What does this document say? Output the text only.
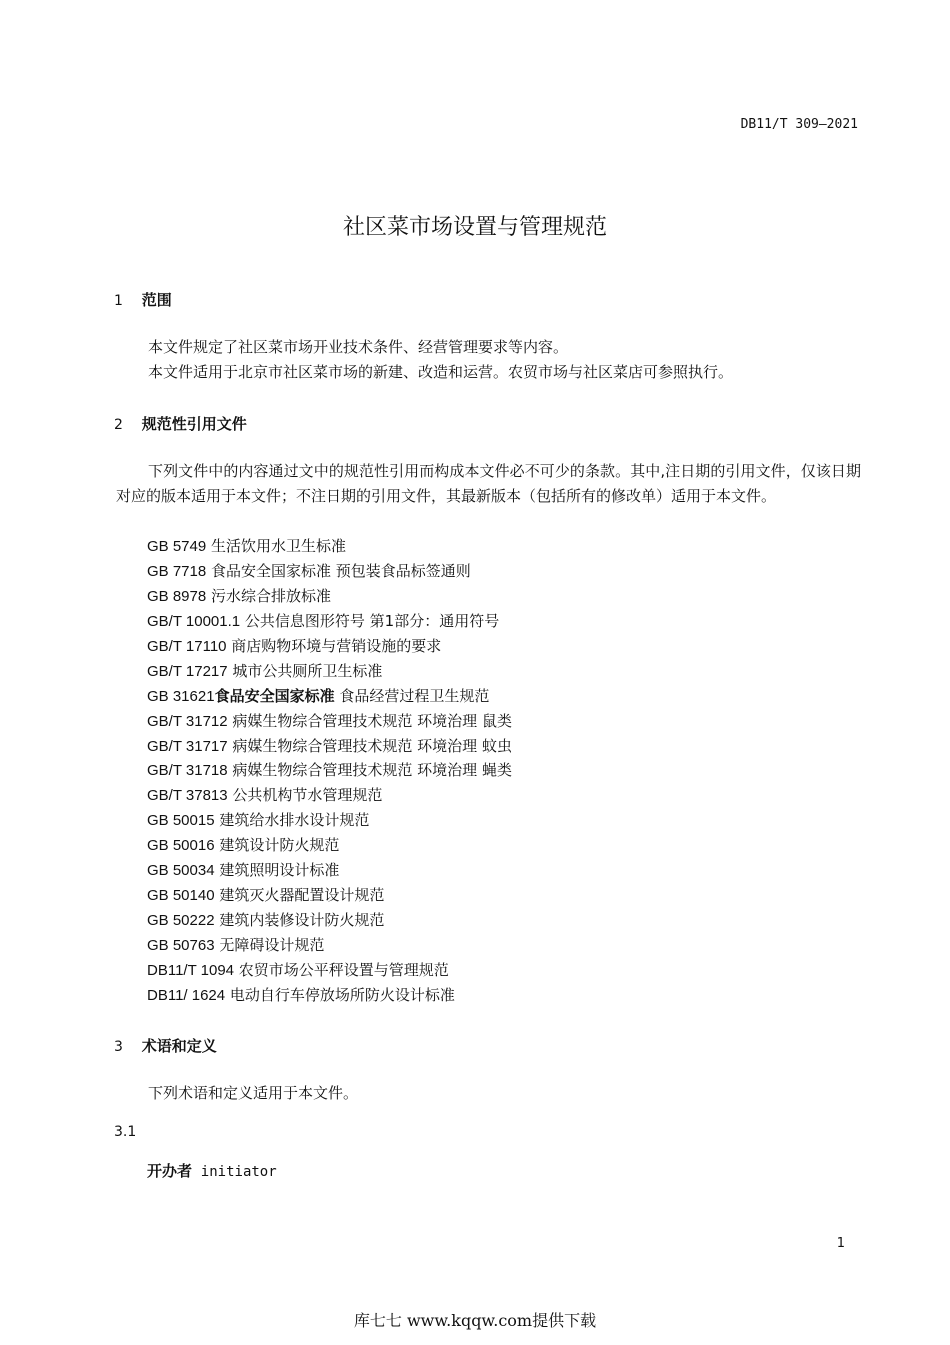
DB11/T 309—2021
社区菜市场设置与管理规范
1 范围
本文件规定了社区菜市场开业技术条件、经营管理要求等内容。
本文件适用于北京市社区菜市场的新建、改造和运营。农贸市场与社区菜店可参照执行。
2 规范性引用文件
下列文件中的内容通过文中的规范性引用而构成本文件必不可少的条款。其中,注日期的引用文件，仅该日期对应的版本适用于本文件；不注日期的引用文件，其最新版本（包括所有的修改单）适用于本文件。
GB 5749 生活饮用水卫生标准
GB 7718 食品安全国家标准 预包装食品标签通则
GB 8978 污水综合排放标准
GB/T 10001.1 公共信息图形符号 第1部分：通用符号
GB/T 17110 商店购物环境与营销设施的要求
GB/T 17217 城市公共厕所卫生标准
GB 31621食品安全国家标准 食品经营过程卫生规范
GB/T 31712 病媒生物综合管理技术规范 环境治理 鼠类
GB/T 31717 病媒生物综合管理技术规范 环境治理 蚊虫
GB/T 31718 病媒生物综合管理技术规范 环境治理 蝇类
GB/T 37813 公共机构节水管理规范
GB 50015 建筑给水排水设计规范
GB 50016 建筑设计防火规范
GB 50034 建筑照明设计标准
GB 50140 建筑灭火器配置设计规范
GB 50222 建筑内装修设计防火规范
GB 50763 无障碍设计规范
DB11/T 1094 农贸市场公平秤设置与管理规范
DB11/ 1624 电动自行车停放场所防火设计标准
3 术语和定义
下列术语和定义适用于本文件。
3.1
开办者 initiator
1
库七七 www.kqqw.com提供下载
